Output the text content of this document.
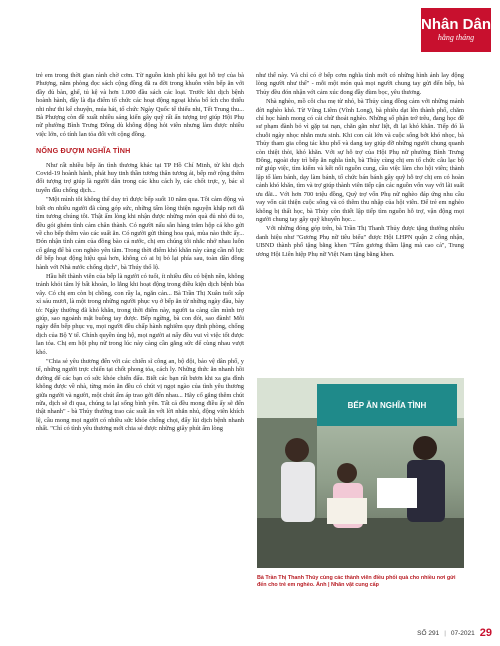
Nhân Dân
hằng tháng

trẻ em trong thời gian rảnh chờ cơm. Từ nguồn kinh phí kêu gọi hỗ trợ của bà Phượng, năm phòng đọc sách cộng đồng đã ra đời trong khuôn viên bếp ăn với đầy đủ bàn, ghế, tủ kệ và hơn 1.000 đầu sách các loại. Trước khi dịch bệnh hoành hành, đây là địa điểm tổ chức các hoạt động ngoại khóa bổ ích cho thiếu nhi như thi kể chuyện, múa hát, tổ chức Ngày Quốc tế thiếu nhi, Tết Trung thu... Bà Phượng còn đề xuất nhiều sáng kiến gây quỹ rất ấn tượng trợ giúp Hội Phụ nữ phường Bình Trưng Đông dù không động hỏi viên nhưng làm được nhiều việc lớn, có tính lan tỏa đối với cộng đồng.

NỐNG ĐƯỢM NGHĨA TÌNH

Như rất nhiều bếp ăn tình thương khác tại TP Hồ Chí Minh, từ khi dịch Covid-19 hoành hành, phát huy tinh thần tương thân tương ái, bếp mở rộng thêm đối tượng trợ giúp là người dân trong các khu cách ly, các chốt trực, y, bác sĩ tuyến đầu chống dịch...

"Một mình tôi không thể duy trì được bếp suốt 10 năm qua. Tôi cảm động và biết ơn nhiều người đã cùng góp sức, những tấm lòng thiện nguyện khắp nơi đã tìm tương chúng tôi. Thật ấm lòng khi nhận được những món quà đủ nhỏ đủ to, đều gói ghém tình cảm chân thành. Có người nấu sẵn hàng trăm hộp cá kho gửi về cho bếp thêm vào các suất ăn. Có người gửi thùng hoa quả, mùa nào thức ấy... Đón nhận tình cảm của đồng bào cả nước, chị em chúng tôi nhắc nhở nhau luôn cố gắng để bà con nghèo yên tâm. Trong thời điểm khó khăn này càng cần nỗ lực để bếp hoạt động hiệu quả hơn, không có ai bị bỏ lại phía sau, toàn dân đồng hành với Nhà nước chống dịch", bà Thúy thổ lộ.

Hầu hết thành viên của bếp là người có tuổi, ít nhiều đều có bệnh nền, không tránh khỏi tâm lý bất khoản, lo lắng khi hoạt động trong điều kiện dịch bệnh bùa vây. Có chị em còn bị chồng, con rầy la, ngăn cản... Bà Trần Thị Xuân tuổi xấp xỉ sáu mươi, là một trong những người phục vụ ở bếp ăn từ những ngày đầu, bày tỏ: Ngày thường đã khó khăn, trong thời điểm này, người ta càng cần mình trợ giúp, sao ngoảnh mặt buông tay được. Bếp ngừng, bà con đói, sao đành! Mỗi ngày đến bếp phục vụ, mọi người đều chấp hành nghiêm quy định phòng, chống dịch của Bộ Y tế. Chính quyền ủng hộ, mọi người ai nấy đều vui vì việc tốt được lan tỏa. Chị em hội phụ nữ trong lúc này càng cần gắng sức để cùng nhau vượt khó.

"Chia sẻ yêu thương đến với các chiến sĩ công an, bộ đội, bảo vệ dân phố, y tế, những người trực chiến tại chốt phong tỏa, cách ly. Những thức ăn nhanh hồi đường để các bạn có sức khỏe chiến đấu. Biết các bạn rất bươn khi xa gia đình không được về nhà, từng món ăn đều có chút vị ngọt ngào của tình yêu thương giữa người và người, một chút ấm áp trao gởi đến nhau... Hãy cố gắng thêm chút nữa, dịch sẽ đi qua, chúng ta lại sống bình yên. Tất cả đều mong điều ấy sẽ đến thật nhanh" - bà Thủy thường trao các suất ăn với lời nhắn nhủ, động viên khích lệ, cầu mong mọi người có nhiều sức khỏe chống chọi, đẩy lùi dịch bệnh nhanh nhất. "Chỉ có tình yêu thương mới chia sẻ được những giây phút ấm lòng

như thế này. Và chỉ có ở bếp cơm nghĩa tình mới có những hình ảnh lay động lòng người như thế" - mỗi một món quà mọi người chung tay gửi đến bếp, bà Thủy đều đón nhận với cảm xúc đong đầy đùm bọc, yêu thương.

Nhà nghèo, mồ côi cha mẹ từ nhỏ, bà Thủy càng đồng cảm với những mảnh đời nghèo khó. Từ Vũng Liêm (Vĩnh Long), bà phiêu dạt lên thành phố, chăm chỉ học hành mong có cái chữ thoát nghèo. Những số phận trớ trêu, đang học đề sư phạm đành bỏ vì gặp tai nạn, chăn gãn như liệt, đi lại khó khăn. Tiếp đó là chuỗi ngày nhọc nhằn mưu sinh. Khi con cái lớn và cuộc sống bớt khó nhọc, bà Thủy tham gia công tác khu phố và dang tay giúp đỡ những người chung quanh còn thiệt thòi, khó khăn. Với sự hỗ trợ của Hội Phụ nữ phường Bình Trưng Đông, ngoài duy trì bếp ăn nghĩa tình, bà Thủy cùng chị em tổ chức câu lạc bộ nữ giúp việc, tìm kiếm và kết nối nguồn cung, cầu việc làm cho hội viên; thành lập tổ làm bánh, dạy làm bánh, tổ chức bán bánh gây quỹ hỗ trợ chị em có hoàn cảnh khó khăn, tìm và trợ giúp thành viên tiếp cận các nguồn vốn vay với lãi suất ưu đãi... Với hơn 700 triệu đồng, Quỹ trợ vốn Phụ nữ nghèo đáp ứng nhu cầu vay vốn cải thiện cuộc sống và có thêm thu nhập của hội viên. Để trẻ em nghèo không bị thất học, bà Thủy còn thiết lập tiếp tìm nguồn hỗ trợ, vận động mọi người chung tay gây quỹ khuyến học...

Với những đóng góp trên, bà Trần Thị Thanh Thủy được tặng thưởng nhiều danh hiệu như "Gương Phụ nữ tiêu biểu" được Hội LHPN quận 2 công nhận, UBND thành phố tặng bằng khen "Tấm gương thầm lặng mà cao cả", Trung ương Hội Liên hiệp Phụ nữ Việt Nam tặng bằng khen.

BẾP ĂN NGHĨA TÌNH
Bà Trần Thị Thanh Thủy cùng các thành viên điều phối quà cho nhiều nơi gửi đến cho trẻ em nghèo. Ảnh | Nhân vật cung cấp
SỐ 291 | 07-2021 29
